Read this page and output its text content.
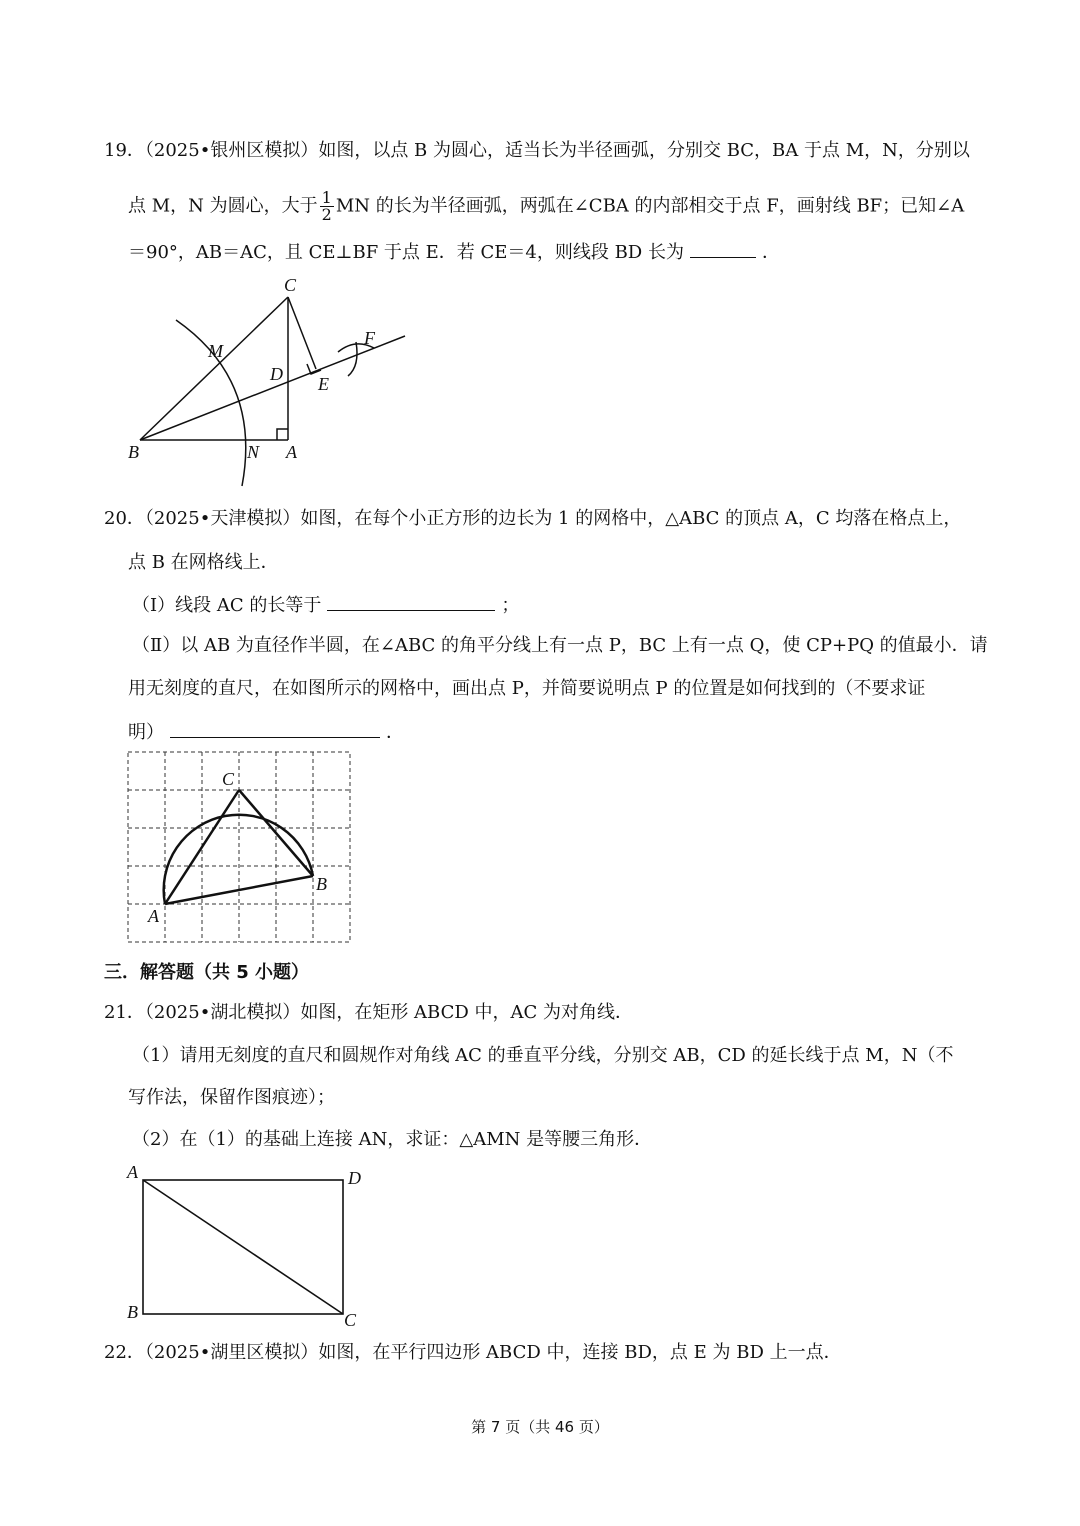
19．（2025•银州区模拟）如图，以点 B 为圆心，适当长为半径画弧，分别交 BC，BA 于点 M，N，分别以
点 M，N 为圆心，大于 $\frac{1}{2}$ MN 的长为半径画弧，两弧在∠CBA 的内部相交于点 F，画射线 BF；已知∠A
＝90°，AB＝AC，且 CE⊥BF 于点 E．若 CE＝4，则线段 BD 长为	．
C
M
F
D E
B	N A
20．（2025•天津模拟）如图，在每个小正方形的边长为 1 的网格中，△ABC 的顶点 A，C 均落在格点上，
点 B 在网格线上．
（Ⅰ）线段 AC 的长等于	；
（Ⅱ）以 AB 为直径作半圆，在∠ABC 的角平分线上有一点 P，BC 上有一点 Q，使 CP+PQ 的值最小．请
用无刻度的直尺，在如图所示的网格中，画出点 P，并简要说明点 P 的位置是如何找到的（不要求证
明）	．
C
B
A
三．解答题（共 5 小题）
21．（2025•湖北模拟）如图，在矩形 ABCD 中，AC 为对角线．
（1）请用无刻度的直尺和圆规作对角线 AC 的垂直平分线，分别交 AB，CD 的延长线于点 M，N（不
写作法，保留作图痕迹）；
（2）在（1）的基础上连接 AN，求证：△AMN 是等腰三角形．
A	D
B	C
22．（2025•湖里区模拟）如图，在平行四边形 ABCD 中，连接 BD，点 E 为 BD 上一点．
第 7 页（共 46 页）
